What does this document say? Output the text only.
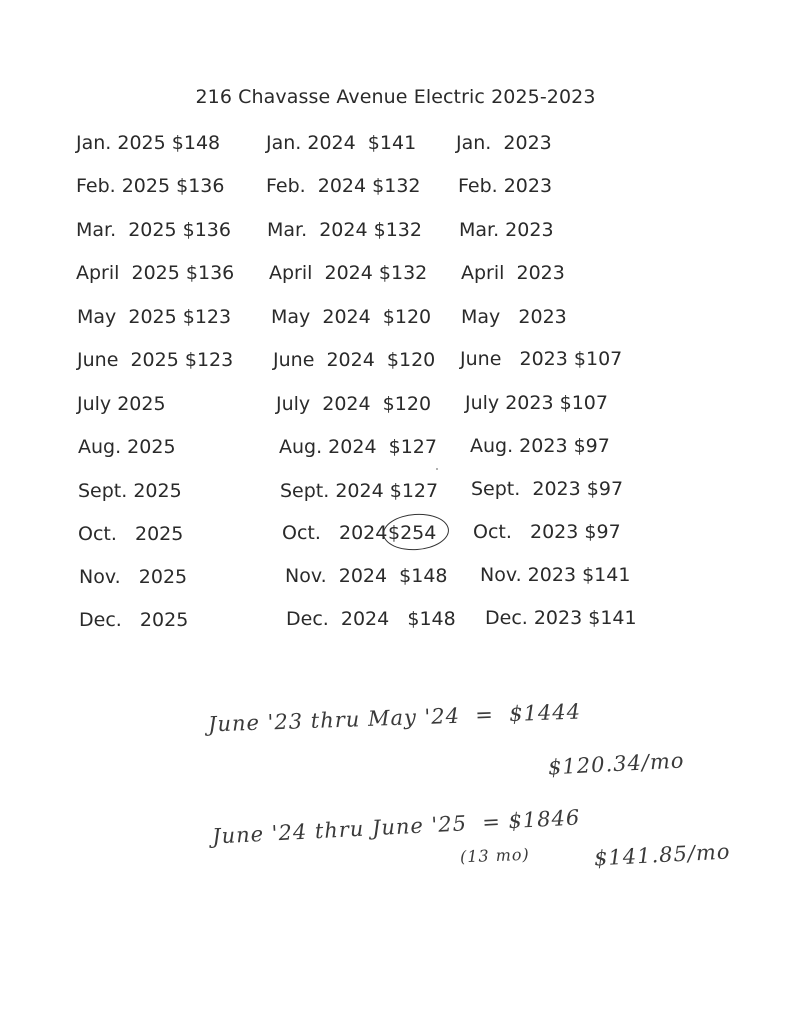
216 Chavasse Avenue Electric 2025-2023
Jan. 2025 $148
Feb. 2025 $136
Mar.  2025 $136
April  2025 $136
May  2025 $123
June  2025 $123
July 2025
Aug. 2025
Sept. 2025
Oct.   2025
Nov.   2025
Dec.   2025
Jan. 2024  $141
Feb.  2024 $132
Mar.  2024 $132
April  2024 $132
May  2024  $120
June  2024  $120
July  2024  $120
Aug. 2024  $127
Sept. 2024 $127
Oct.   2024 $254
Nov.  2024  $148
Dec.  2024   $148
Jan.  2023
Feb. 2023
Mar. 2023
April  2023
May   2023
June   2023 $107
July 2023 $107
Aug. 2023 $97
Sept.  2023 $97
Oct.   2023 $97
Nov. 2023 $141
Dec. 2023 $141
June '23 thru May '24  =  $1444
$120.34/mo
June '24 thru June '25  = $1846
(13 mo)	$141.85/mo
